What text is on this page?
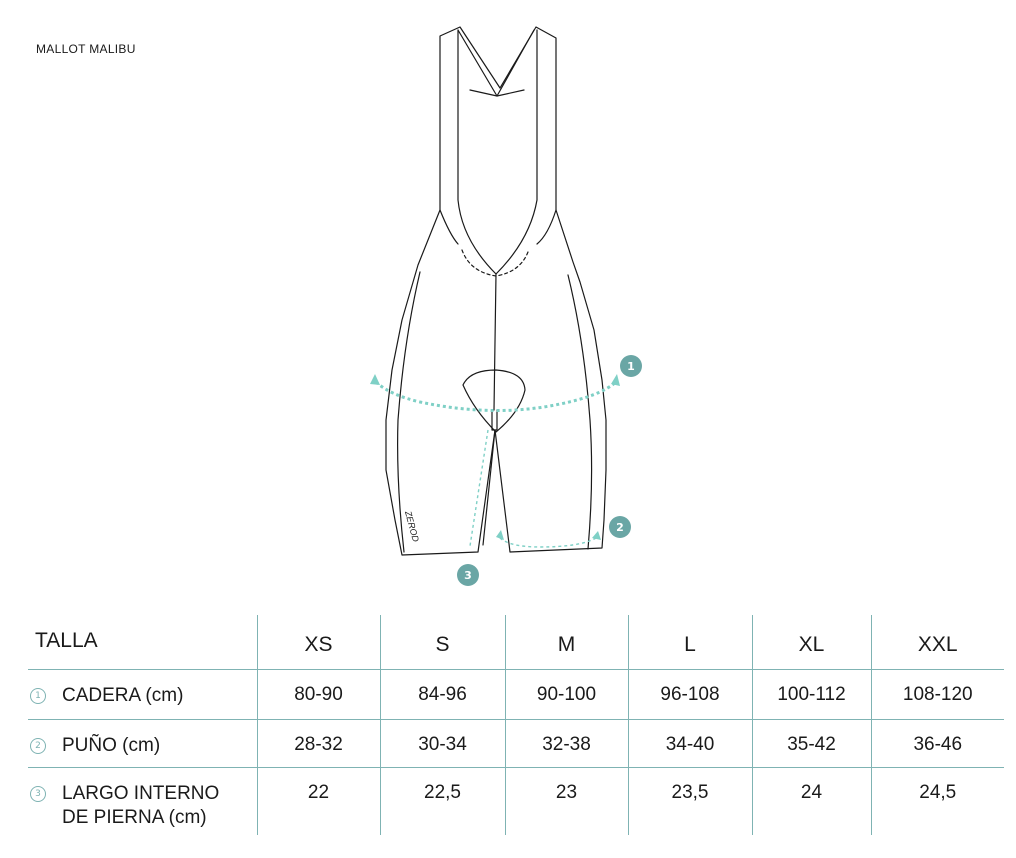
MALLOT MALIBU
ZEROD
1
2
3
TALLA	XS	S	M	L	XL	XXL

1 CADERA (cm)	80-90	84-96	90-100	96-108	100-112	108-120

2 PUÑO (cm)	28-32	30-34	32-38	34-40	35-42	36-46

3 LARGO INTERNO
DE PIERNA (cm)	22	22,5	23	23,5	24	24,5
